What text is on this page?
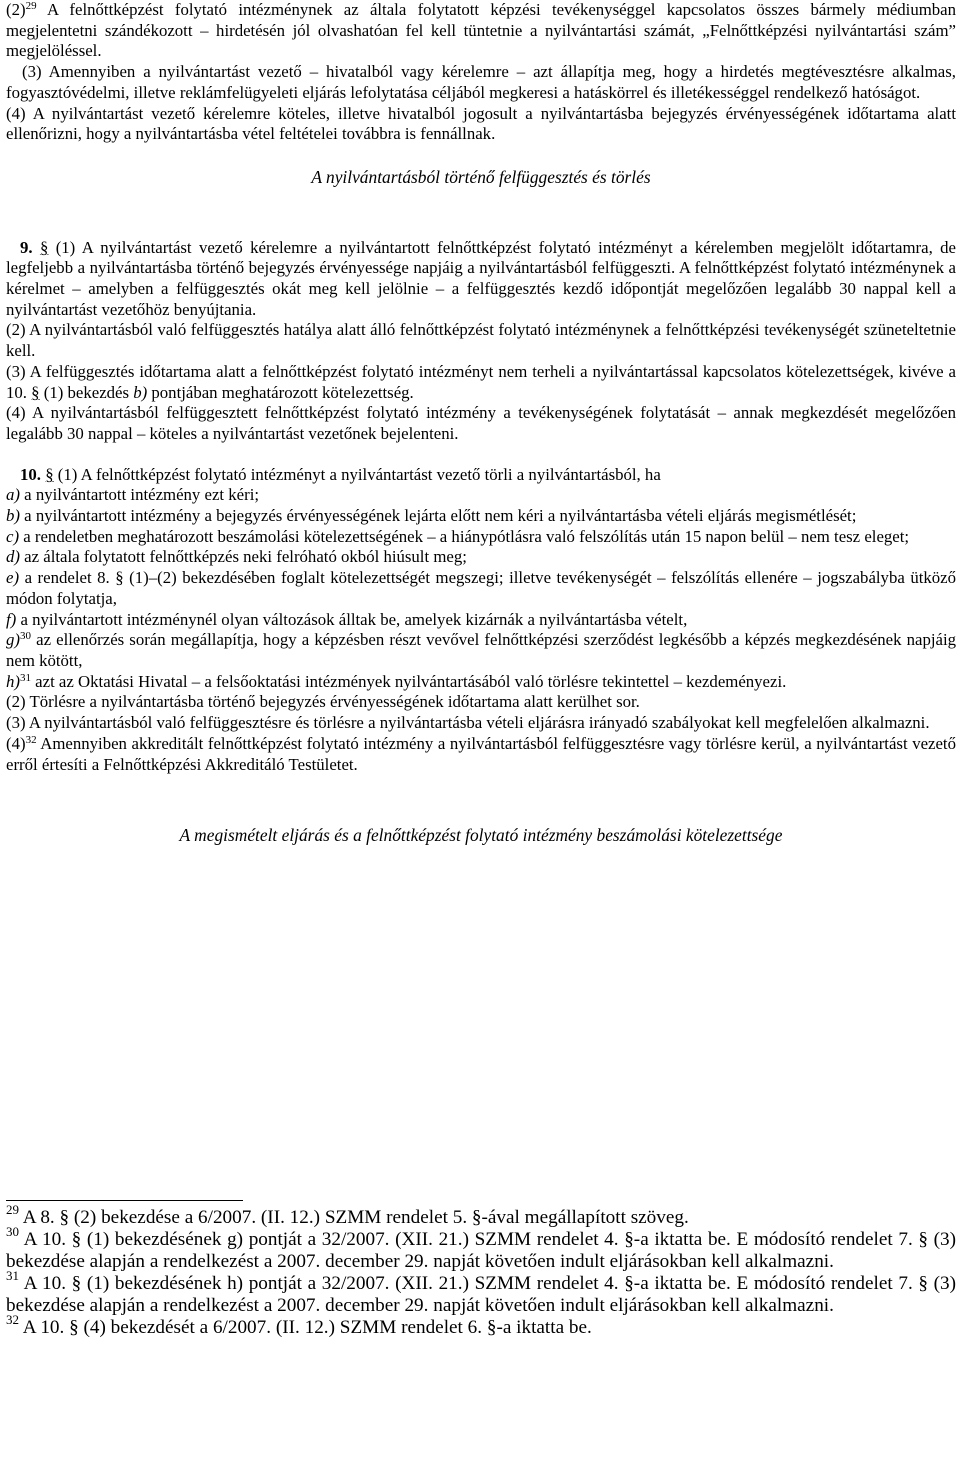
$(2)^{29}$ A felnőttképzést folytató intézménynek az általa folytatott képzési tevékenységgel kapcsolatos összes bármely médiumban megjelentetni szándékozott – hirdetésén jól olvashatóan fel kell tüntetnie a nyilvántartási számát, „Felnőttképzési nyilvántartási szám” megjelöléssel.

(3) Amennyiben a nyilvántartást vezető – hivatalból vagy kérelemre – azt állapítja meg, hogy a hirdetés megtévesztésre alkalmas, fogyasztóvédelmi, illetve reklámfelügyeleti eljárás lefolytatása céljából megkeresi a hatáskörrel és illetékességgel rendelkező hatóságot.

(4) A nyilvántartást vezető kérelemre köteles, illetve hivatalból jogosult a nyilvántartásba bejegyzés érvényességének időtartama alatt ellenőrizni, hogy a nyilvántartásba vétel feltételei továbbra is fennállnak.

A nyilvántartásból történő felfüggesztés és törlés

9. § (1) A nyilvántartást vezető kérelemre a nyilvántartott felnőttképzést folytató intézményt a kérelemben megjelölt időtartamra, de legfeljebb a nyilvántartásba történő bejegyzés érvényessége napjáig a nyilvántartásból felfüggeszti. A felnőttképzést folytató intézménynek a kérelmet – amelyben a felfüggesztés okát meg kell jelölnie – a felfüggesztés kezdő időpontját megelőzően legalább 30 nappal kell a nyilvántartást vezetőhöz benyújtania.

(2) A nyilvántartásból való felfüggesztés hatálya alatt álló felnőttképzést folytató intézménynek a felnőttképzési tevékenységét szüneteltetnie kell.

(3) A felfüggesztés időtartama alatt a felnőttképzést folytató intézményt nem terheli a nyilvántartással kapcsolatos kötelezettségek, kivéve a 10. § (1) bekezdés b) pontjában meghatározott kötelezettség.

(4) A nyilvántartásból felfüggesztett felnőttképzést folytató intézmény a tevékenységének folytatását – annak megkezdését megelőzően legalább 30 nappal – köteles a nyilvántartást vezetőnek bejelenteni.

10. § (1) A felnőttképzést folytató intézményt a nyilvántartást vezető törli a nyilvántartásból, ha

a) a nyilvántartott intézmény ezt kéri;

b) a nyilvántartott intézmény a bejegyzés érvényességének lejárta előtt nem kéri a nyilvántartásba vételi eljárás megismétlését;

c) a rendeletben meghatározott beszámolási kötelezettségének – a hiánypótlásra való felszólítás után 15 napon belül – nem tesz eleget;

d) az általa folytatott felnőttképzés neki felróható okból hiúsult meg;

e) a rendelet 8. § (1)–(2) bekezdésében foglalt kötelezettségét megszegi; illetve tevékenységét – felszólítás ellenére – jogszabályba ütköző módon folytatja,

f) a nyilvántartott intézménynél olyan változások álltak be, amelyek kizárnák a nyilvántartásba vételt,

g)$^{30}$ az ellenőrzés során megállapítja, hogy a képzésben részt vevővel felnőttképzési szerződést legkésőbb a képzés megkezdésének napjáig nem kötött,

h)$^{31}$ azt az Oktatási Hivatal – a felsőoktatási intézmények nyilvántartásából való törlésre tekintettel – kezdeményezi.

(2) Törlésre a nyilvántartásba történő bejegyzés érvényességének időtartama alatt kerülhet sor.

(3) A nyilvántartásból való felfüggesztésre és törlésre a nyilvántartásba vételi eljárásra irányadó szabályokat kell megfelelően alkalmazni.

$(4)^{32}$ Amennyiben akkreditált felnőttképzést folytató intézmény a nyilvántartásból felfüggesztésre vagy törlésre kerül, a nyilvántartást vezető erről értesíti a Felnőttképzési Akkreditáló Testületet.

A megismételt eljárás és a felnőttképzést folytató intézmény beszámolási kötelezettsége

$^{29}$ A 8. § (2) bekezdése a 6/2007. (II. 12.) SZMM rendelet 5. §-ával megállapított szöveg.

$^{30}$ A 10. § (1) bekezdésének g) pontját a 32/2007. (XII. 21.) SZMM rendelet 4. §-a iktatta be. E módosító rendelet 7. § (3) bekezdése alapján a rendelkezést a 2007. december 29. napját követően indult eljárásokban kell alkalmazni.

$^{31}$ A 10. § (1) bekezdésének h) pontját a 32/2007. (XII. 21.) SZMM rendelet 4. §-a iktatta be. E módosító rendelet 7. § (3) bekezdése alapján a rendelkezést a 2007. december 29. napját követően indult eljárásokban kell alkalmazni.

$^{32}$ A 10. § (4) bekezdését a 6/2007. (II. 12.) SZMM rendelet 6. §-a iktatta be.
